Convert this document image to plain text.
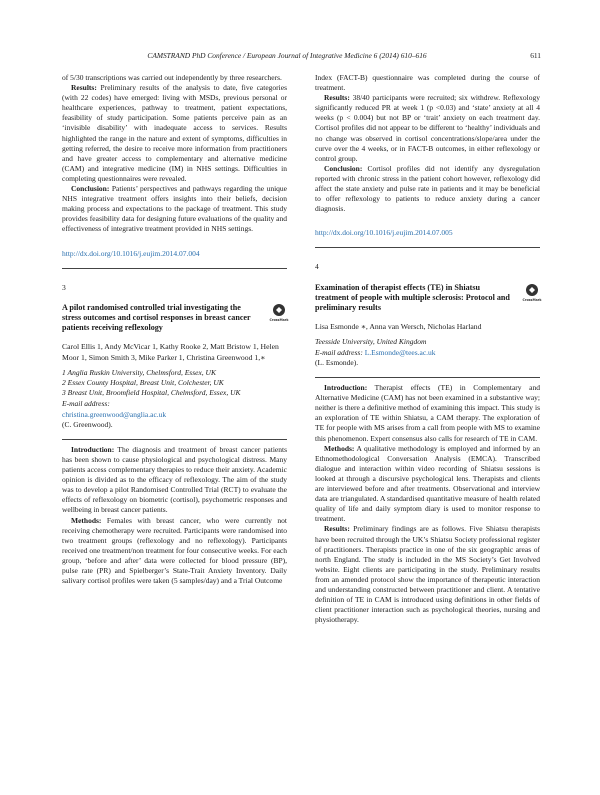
CAMSTRAND PhD Conference / European Journal of Integrative Medicine 6 (2014) 610–616	611

of 5/30 transcriptions was carried out independently by three researchers.

Results: Preliminary results of the analysis to date, five categories (with 22 codes) have emerged: living with MSDs, previous personal or healthcare experiences, pathway to treatment, patient expectations, feasibility of study participation. Some patients perceive pain as an ‘invisible disability’ with inadequate access to services. Results highlighted the range in the nature and extent of symptoms, difficulties in getting referred, the desire to receive more information from practitioners and have greater access to complementary and alternative medicine (CAM) and integrative medicine (IM) in NHS settings. Difficulties in completing questionnaires were revealed.

Conclusion: Patients’ perspectives and pathways regarding the unique NHS integrative treatment offers insights into their beliefs, decision making process and expectations to the package of treatment. This study provides feasibility data for designing future evaluations of the quality and effectiveness of integrative treatment provided in NHS settings.

http://dx.doi.org/10.1016/j.eujim.2014.07.004

3

A pilot randomised controlled trial investigating the stress outcomes and cortisol responses in breast cancer patients receiving reflexology
CrossMark
Carol Ellis 1, Andy McVicar 1, Kathy Rooke 2, Matt Bristow 1, Helen Moor 1, Simon Smith 3, Mike Parker 1, Christina Greenwood 1,∗
1 Anglia Ruskin University, Chelmsford, Essex, UK
2 Essex County Hospital, Breast Unit, Colchester, UK
3 Breast Unit, Broomfield Hospital, Chelmsford, Essex, UK
E-mail address:
christina.greenwood@anglia.ac.uk
(C. Greenwood).

Introduction: The diagnosis and treatment of breast cancer patients has been shown to cause physiological and psychological distress. Many patients access complementary therapies to reduce their anxiety. Academic opinion is divided as to the efficacy of reflexology. The aim of the study was to develop a pilot Randomised Controlled Trial (RCT) to evaluate the effects of reflexology on biometric (cortisol), psychometric responses and wellbeing in breast cancer patients.

Methods: Females with breast cancer, who were currently not receiving chemotherapy were recruited. Participants were randomised into two treatment groups (reflexology and no reflexology). Participants received one treatment/non treatment for four consecutive weeks. For each group, ‘before and after’ data were collected for blood pressure (BP), pulse rate (PR) and Spielberger’s State-Trait Anxiety Inventory. Daily salivary cortisol profiles were taken (5 samples/day) and a Trial Outcome

Index (FACT-B) questionnaire was completed during the course of treatment.

Results: 38/40 participants were recruited; six withdrew. Reflexology significantly reduced PR at week 1 (p <0.03) and ‘state’ anxiety at all 4 weeks (p < 0.004) but not BP or ‘trait’ anxiety on each treatment day. Cortisol profiles did not appear to be different to ‘healthy’ individuals and no change was observed in cortisol concentrations/slope/area under the curve over the 4 weeks, or in FACT-B outcomes, in either reflexology or control group.

Conclusion: Cortisol profiles did not identify any dysregulation reported with chronic stress in the patient cohort however, reflexology did affect the state anxiety and pulse rate in patients and it may be beneficial to offer reflexology to patients to reduce anxiety during a cancer diagnosis.

http://dx.doi.org/10.1016/j.eujim.2014.07.005

4

Examination of therapist effects (TE) in Shiatsu treatment of people with multiple sclerosis: Protocol and preliminary results
CrossMark
Lisa Esmonde ∗, Anna van Wersch, Nicholas Harland
Teesside University, United Kingdom
E-mail address: L.Esmonde@tees.ac.uk
(L. Esmonde).

Introduction: Therapist effects (TE) in Complementary and Alternative Medicine (CAM) has not been examined in a substantive way; neither is there a definitive method of examining this impact. This study is an exploration of TE within Shiatsu, a CAM therapy. The exploration of TE for people with MS arises from a call from people with MS to examine this phenomenon. Expert consensus also calls for research of TE in CAM.

Methods: A qualitative methodology is employed and informed by an Ethnomethodological Conversation Analysis (EMCA). Transcribed dialogue and interaction within video recording of Shiatsu sessions is looked at through a discursive psychological lens. Therapists and clients are interviewed before and after treatments. Observational and interview data are triangulated. A standardised quantitative measure of health related quality of life and daily symptom diary is used to monitor response to treatment.

Results: Preliminary findings are as follows. Five Shiatsu therapists have been recruited through the UK’s Shiatsu Society professional register of practitioners. Therapists practice in one of the six geographic areas of north England. The study is included in the MS Society’s Get Involved website. Eight clients are participating in the study. Preliminary results from an amended protocol show the importance of therapeutic interaction and understanding constructed between practitioner and client. A tentative definition of TE in CAM is introduced using definitions in other fields of client practitioner interaction such as psychological theories, nursing and physiotherapy.
